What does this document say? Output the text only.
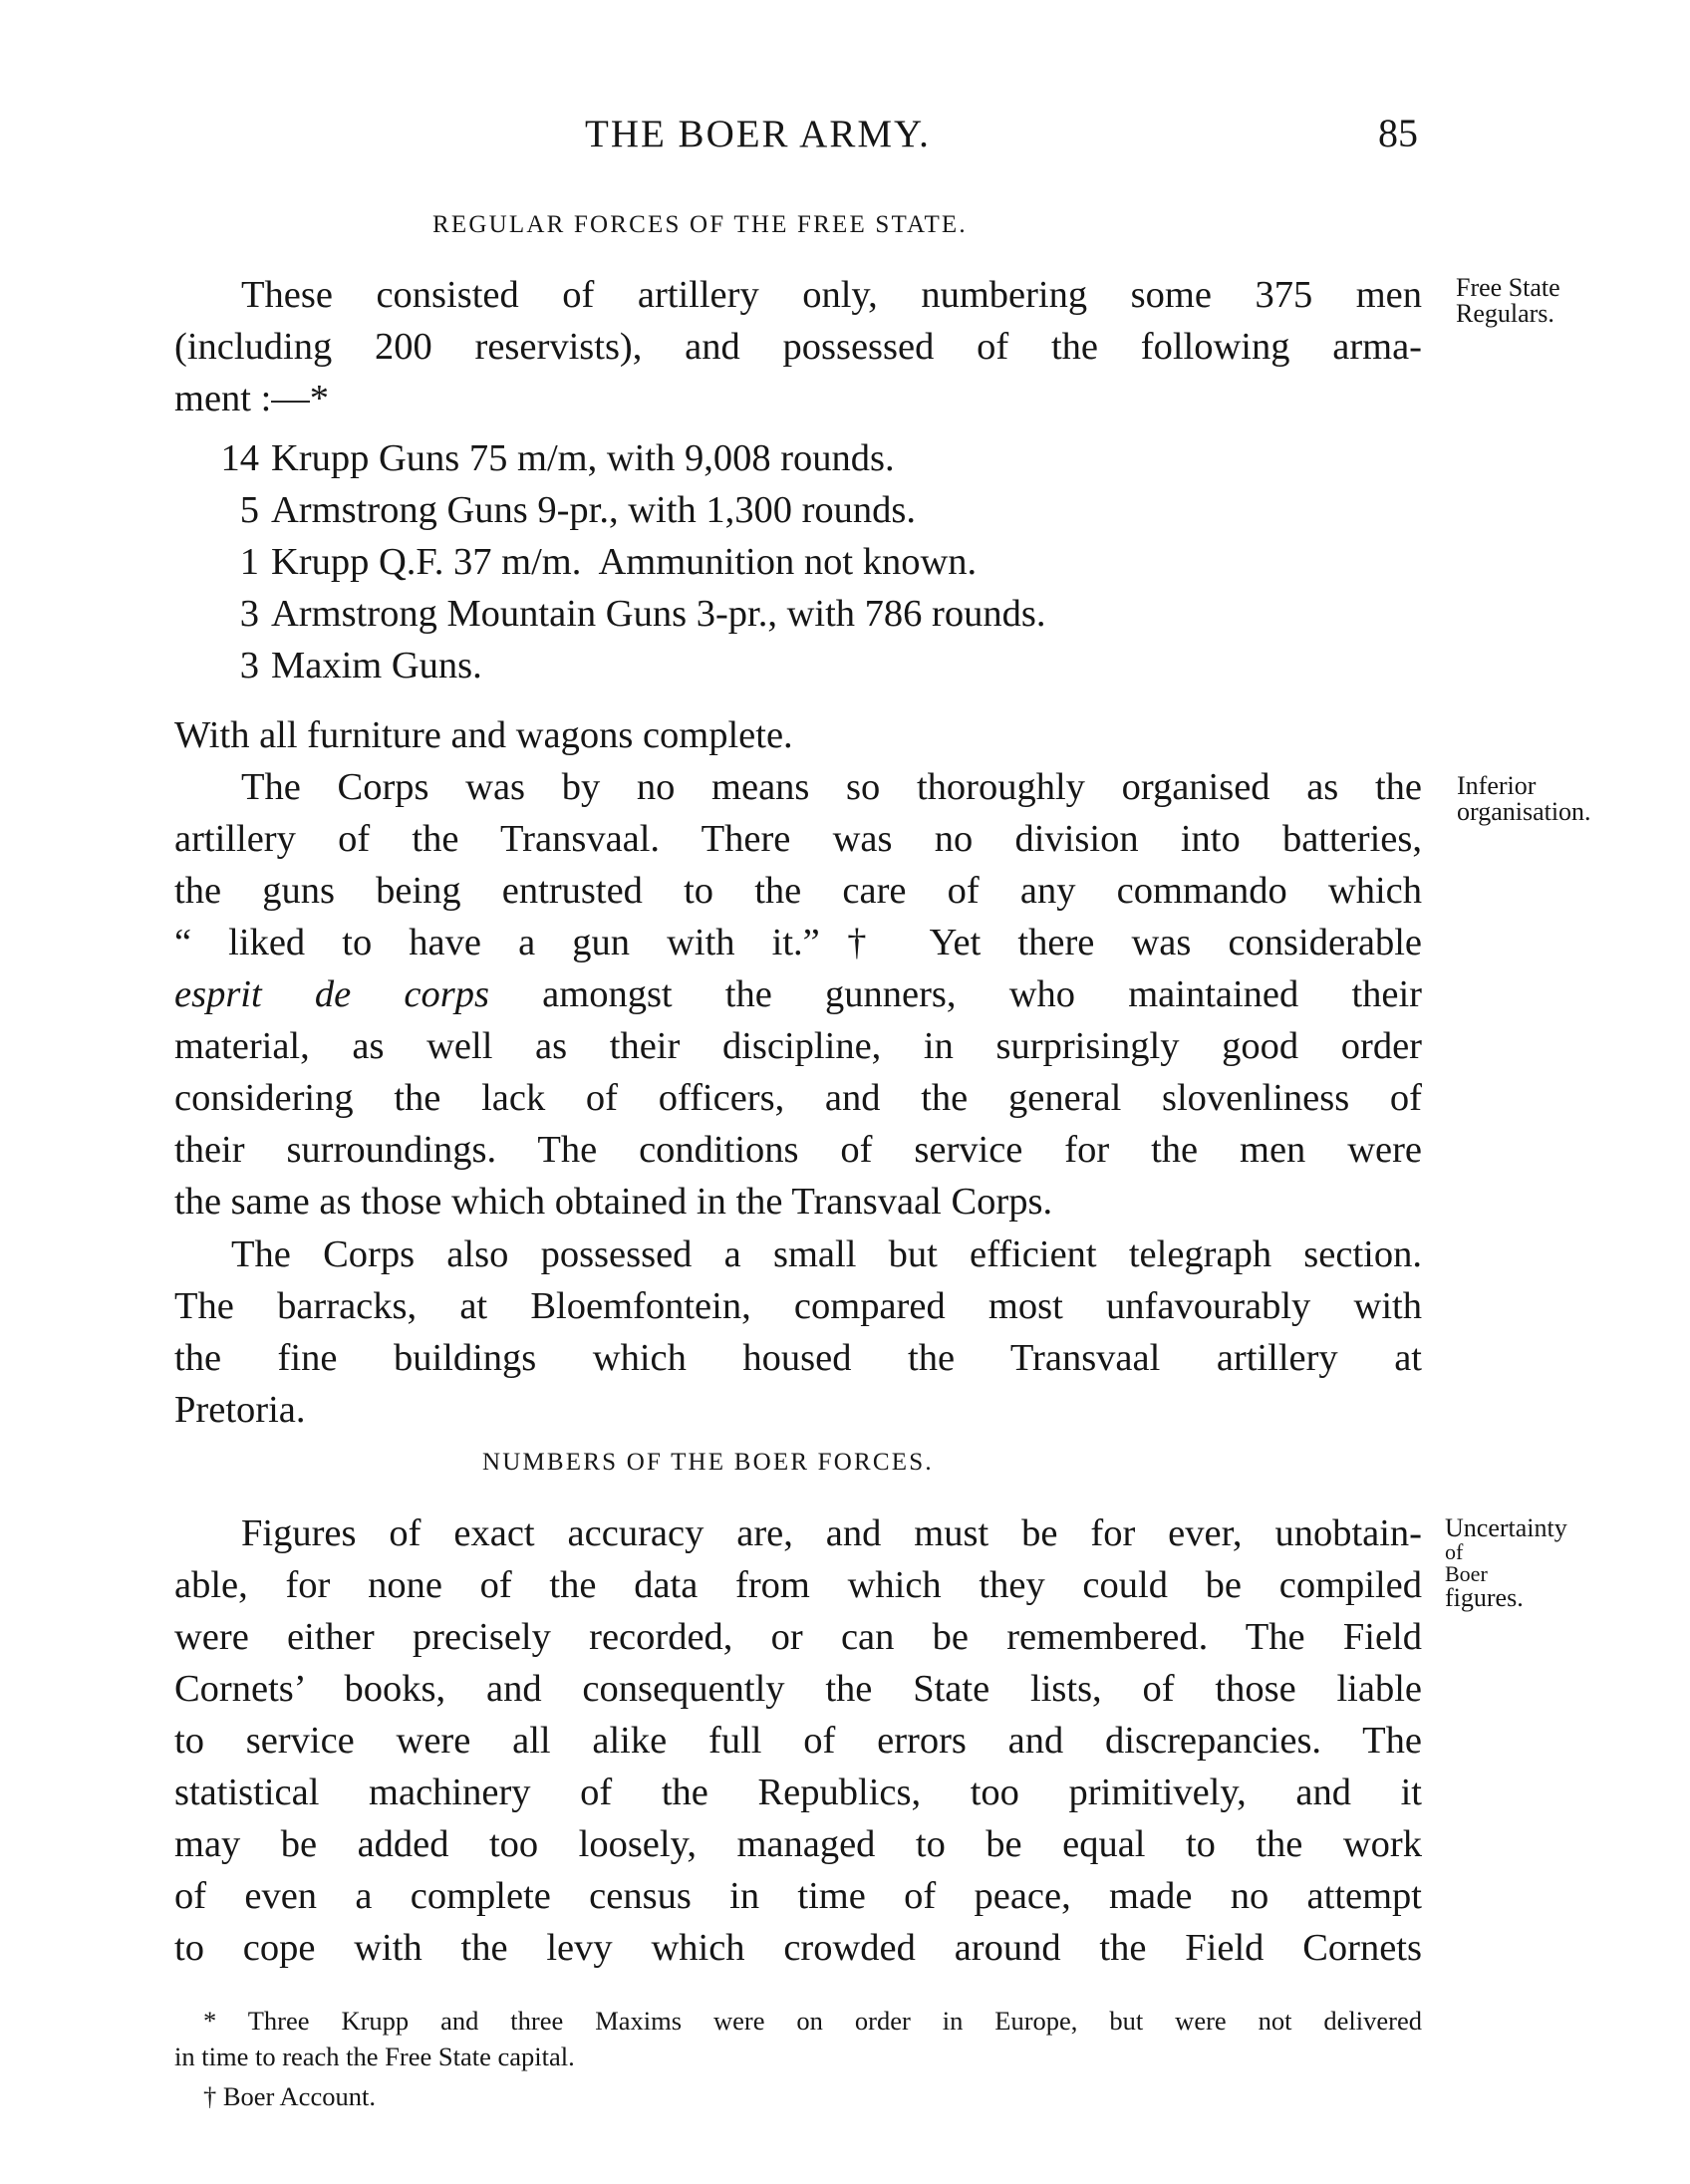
THE BOER ARMY.	85
REGULAR FORCES OF THE FREE STATE.
These consisted of artillery only, numbering some 375 men
(including 200 reservists), and possessed of the following arma-
ment :—*
14 Krupp Guns 75 m/m, with 9,008 rounds.
5 Armstrong Guns 9-pr., with 1,300 rounds.
1 Krupp Q.F. 37 m/m.  Ammunition not known.
3 Armstrong Mountain Guns 3-pr., with 786 rounds.
3 Maxim Guns.
With all furniture and wagons complete.
The Corps was by no means so thoroughly organised as the
artillery of the Transvaal. There was no division into batteries,
the guns being entrusted to the care of any commando which
“ liked to have a gun with it.”† Yet there was considerable
esprit de corps amongst the gunners, who maintained their
material, as well as their discipline, in surprisingly good order
considering the lack of officers, and the general slovenliness of
their surroundings. The conditions of service for the men were
the same as those which obtained in the Transvaal Corps.
The Corps also possessed a small but efficient telegraph section.
The barracks, at Bloemfontein, compared most unfavourably with
the fine buildings which housed the Transvaal artillery at
Pretoria.
NUMBERS OF THE BOER FORCES.
Figures of exact accuracy are, and must be for ever, unobtain-
able, for none of the data from which they could be compiled
were either precisely recorded, or can be remembered. The Field
Cornets’ books, and consequently the State lists, of those liable
to service were all alike full of errors and discrepancies. The
statistical machinery of the Republics, too primitively, and it
may be added too loosely, managed to be equal to the work
of even a complete census in time of peace, made no attempt
to cope with the levy which crowded around the Field Cornets
Free State
Regulars.
Inferior
organisation.
Uncertainty
of
Boer
figures.
* Three Krupp and three Maxims were on order in Europe, but were not delivered
in time to reach the Free State capital.
† Boer Account.
